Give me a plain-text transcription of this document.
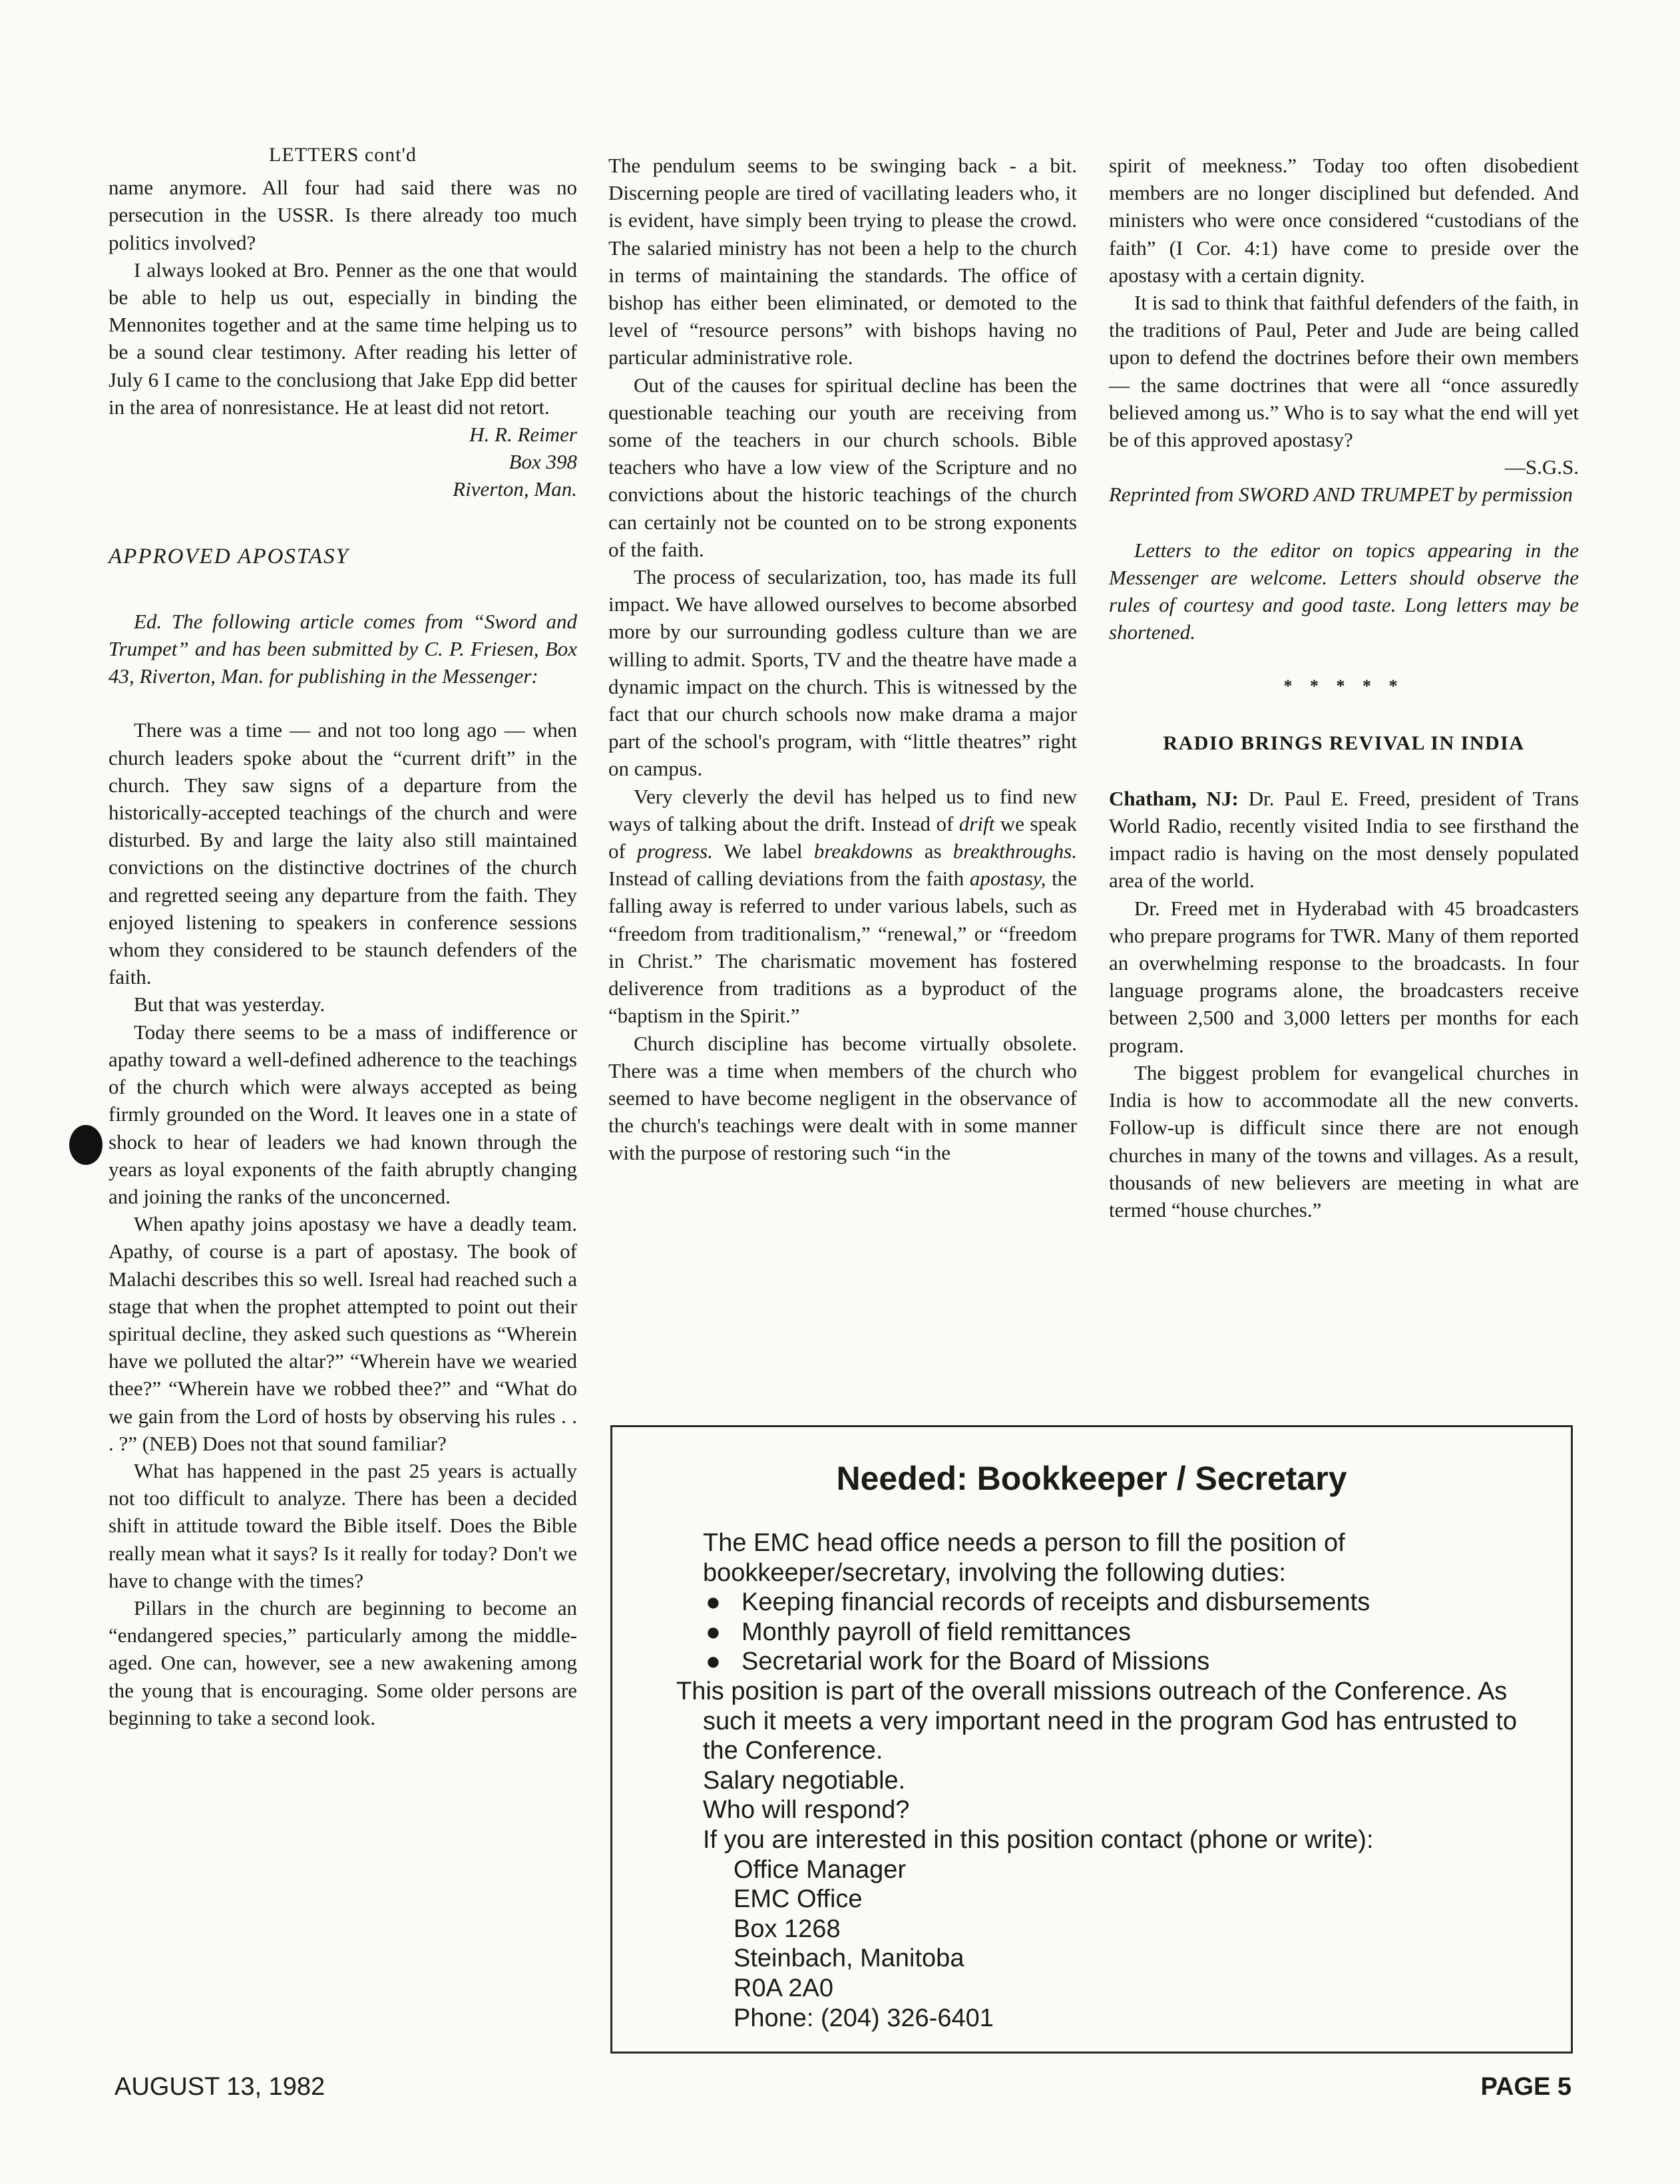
LETTERS cont'd

name anymore. All four had said there was no persecution in the USSR. Is there already too much politics involved?

I always looked at Bro. Penner as the one that would be able to help us out, especially in binding the Mennonites together and at the same time helping us to be a sound clear testimony. After reading his letter of July 6 I came to the conclusiong that Jake Epp did better in the area of nonresistance. He at least did not retort.

H. R. Reimer
Box 398
Riverton, Man.
APPROVED APOSTASY

Ed. The following article comes from “Sword and Trumpet” and has been submitted by C. P. Friesen, Box 43, Riverton, Man. for publishing in the Messenger:

There was a time — and not too long ago — when church leaders spoke about the “current drift” in the church. They saw signs of a departure from the historically-accepted teachings of the church and were disturbed. By and large the laity also still maintained convictions on the distinctive doctrines of the church and regretted seeing any departure from the faith. They enjoyed listening to speakers in conference sessions whom they considered to be staunch defenders of the faith.

But that was yesterday.

Today there seems to be a mass of indifference or apathy toward a well-defined adherence to the teachings of the church which were always accepted as being firmly grounded on the Word. It leaves one in a state of shock to hear of leaders we had known through the years as loyal exponents of the faith abruptly changing and joining the ranks of the unconcerned.

When apathy joins apostasy we have a deadly team. Apathy, of course is a part of apostasy. The book of Malachi describes this so well. Isreal had reached such a stage that when the prophet attempted to point out their spiritual decline, they asked such questions as “Wherein have we polluted the altar?” “Wherein have we wearied thee?” “Wherein have we robbed thee?” and “What do we gain from the Lord of hosts by observing his rules . . . ?” (NEB) Does not that sound familiar?

What has happened in the past 25 years is actually not too difficult to analyze. There has been a decided shift in attitude toward the Bible itself. Does the Bible really mean what it says? Is it really for today? Don't we have to change with the times?

Pillars in the church are beginning to become an “endangered species,” particularly among the middle-aged. One can, however, see a new awakening among the young that is encouraging. Some older persons are beginning to take a second look.

The pendulum seems to be swinging back - a bit. Discerning people are tired of vacillating leaders who, it is evident, have simply been trying to please the crowd. The salaried ministry has not been a help to the church in terms of maintaining the standards. The office of bishop has either been eliminated, or demoted to the level of “resource persons” with bishops having no particular administrative role.

Out of the causes for spiritual decline has been the questionable teaching our youth are receiving from some of the teachers in our church schools. Bible teachers who have a low view of the Scripture and no convictions about the historic teachings of the church can certainly not be counted on to be strong exponents of the faith.

The process of secularization, too, has made its full impact. We have allowed ourselves to become absorbed more by our surrounding godless culture than we are willing to admit. Sports, TV and the theatre have made a dynamic impact on the church. This is witnessed by the fact that our church schools now make drama a major part of the school's program, with “little theatres” right on campus.

Very cleverly the devil has helped us to find new ways of talking about the drift. Instead of drift we speak of progress. We label breakdowns as breakthroughs. Instead of calling deviations from the faith apostasy, the falling away is referred to under various labels, such as “freedom from traditionalism,” “renewal,” or “freedom in Christ.” The charismatic movement has fostered deliverence from traditions as a byproduct of the “baptism in the Spirit.”

Church discipline has become virtually obsolete. There was a time when members of the church who seemed to have become negligent in the observance of the church's teachings were dealt with in some manner with the purpose of restoring such “in the

spirit of meekness.” Today too often disobedient members are no longer disciplined but defended. And ministers who were once considered “custodians of the faith” (I Cor. 4:1) have come to preside over the apostasy with a certain dignity.

It is sad to think that faithful defenders of the faith, in the traditions of Paul, Peter and Jude are being called upon to defend the doctrines before their own members — the same doctrines that were all “once assuredly believed among us.” Who is to say what the end will yet be of this approved apostasy?

—S.G.S.

Reprinted from SWORD AND TRUMPET by permission

Letters to the editor on topics appearing in the Messenger are welcome. Letters should observe the rules of courtesy and good taste. Long letters may be shortened.

* * * * *
RADIO BRINGS REVIVAL IN INDIA

Chatham, NJ: Dr. Paul E. Freed, president of Trans World Radio, recently visited India to see firsthand the impact radio is having on the most densely populated area of the world.

Dr. Freed met in Hyderabad with 45 broadcasters who prepare programs for TWR. Many of them reported an overwhelming response to the broadcasts. In four language programs alone, the broadcasters receive between 2,500 and 3,000 letters per months for each program.

The biggest problem for evangelical churches in India is how to accommodate all the new converts. Follow-up is difficult since there are not enough churches in many of the towns and villages. As a result, thousands of new believers are meeting in what are termed “house churches.”

Needed: Bookkeeper / Secretary

The EMC head office needs a person to fill the position of bookkeeper/secretary, involving the following duties:

● Keeping financial records of receipts and disbursements

● Monthly payroll of field remittances

● Secretarial work for the Board of Missions

This position is part of the overall missions outreach of the Conference. As such it meets a very important need in the program God has entrusted to the Conference.

Salary negotiable.

Who will respond?

If you are interested in this position contact (phone or write):

Office Manager

EMC Office

Box 1268

Steinbach, Manitoba

R0A 2A0

Phone: (204) 326-6401

AUGUST 13, 1982	PAGE 5
